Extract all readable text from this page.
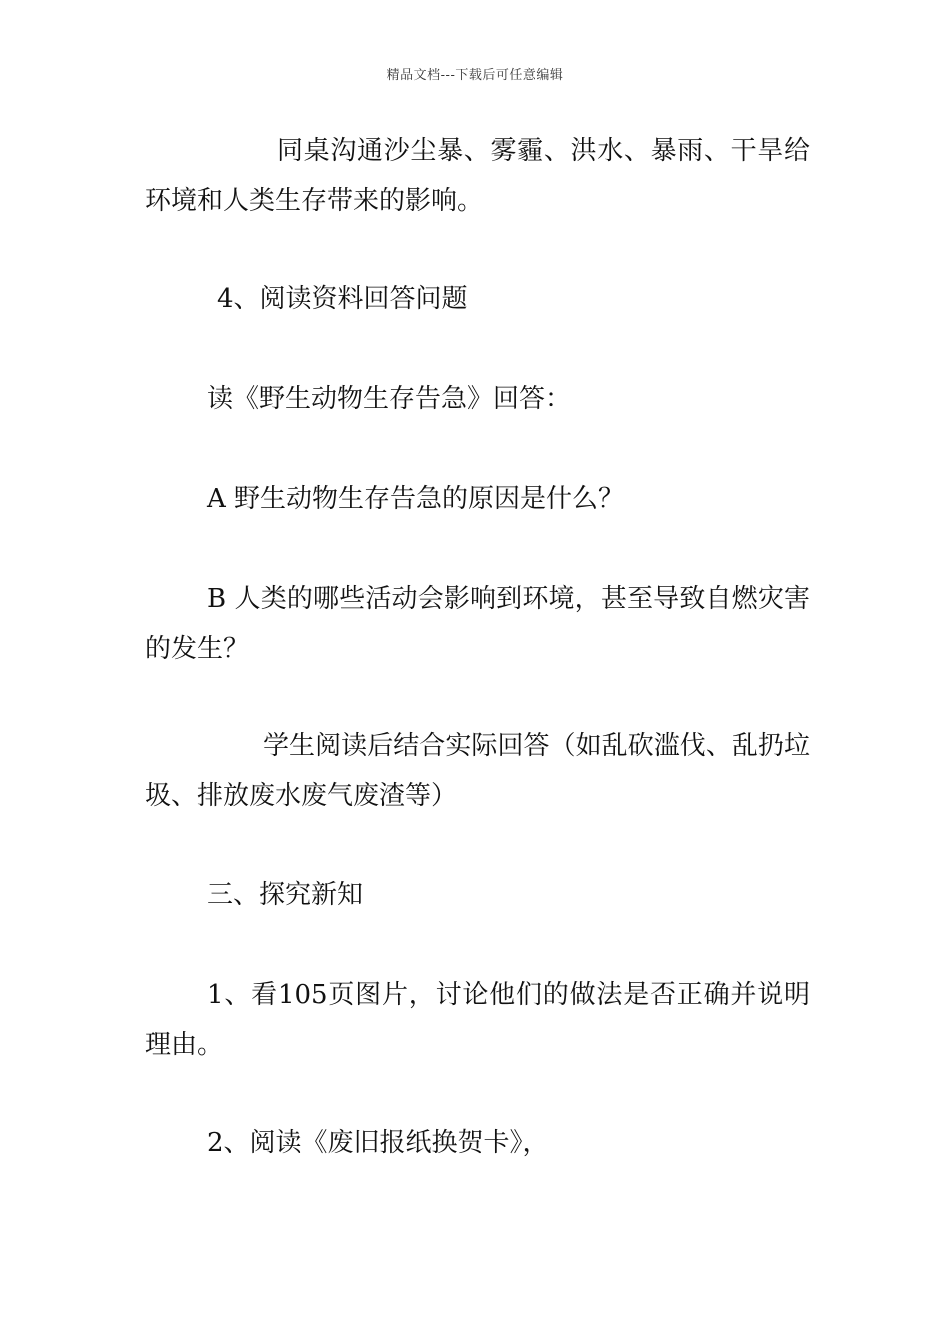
精品文档---下载后可任意编辑

同桌沟通沙尘暴、雾霾、洪水、暴雨、干旱给环境和人类生存带来的影响。

4、阅读资料回答问题

读《野生动物生存告急》回答：

A 野生动物生存告急的原因是什么？

B 人类的哪些活动会影响到环境，甚至导致自燃灾害的发生？

学生阅读后结合实际回答（如乱砍滥伐、乱扔垃圾、排放废水废气废渣等）

三、探究新知

1、看105页图片，讨论他们的做法是否正确并说明理由。

2、阅读《废旧报纸换贺卡》，
